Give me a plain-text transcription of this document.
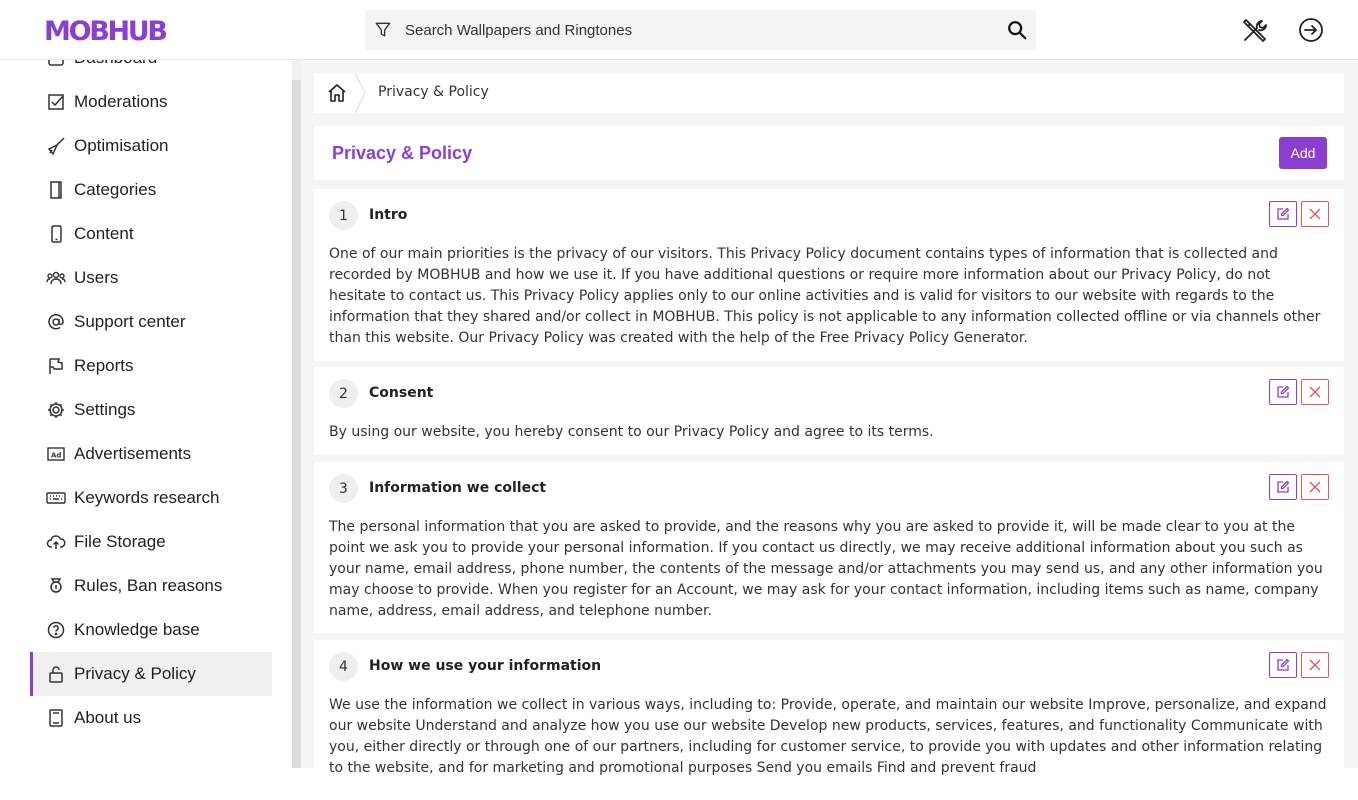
MOBHUB
Search Wallpapers and Ringtones
Moderations
Optimisation
Categories
Content
Users
Support center
Reports
Settings
Ad Advertisements
Keywords research
File Storage
Rules, Ban reasons
Knowledge base
Privacy & Policy
About us
Privacy & Policy
Privacy & Policy	Add
1	Intro
One of our main priorities is the privacy of our visitors. This Privacy Policy document contains types of information that is collected and recorded by MOBHUB and how we use it. If you have additional questions or require more information about our Privacy Policy, do not hesitate to contact us. This Privacy Policy applies only to our online activities and is valid for visitors to our website with regards to the information that they shared and/or collect in MOBHUB. This policy is not applicable to any information collected offline or via channels other than this website. Our Privacy Policy was created with the help of the Free Privacy Policy Generator.
2	Consent
By using our website, you hereby consent to our Privacy Policy and agree to its terms.
3	Information we collect
The personal information that you are asked to provide, and the reasons why you are asked to provide it, will be made clear to you at the point we ask you to provide your personal information. If you contact us directly, we may receive additional information about you such as your name, email address, phone number, the contents of the message and/or attachments you may send us, and any other information you may choose to provide. When you register for an Account, we may ask for your contact information, including items such as name, company name, address, email address, and telephone number.
4	How we use your information
We use the information we collect in various ways, including to: Provide, operate, and maintain our website Improve, personalize, and expand our website Understand and analyze how you use our website Develop new products, services, features, and functionality Communicate with you, either directly or through one of our partners, including for customer service, to provide you with updates and other information relating to the website, and for marketing and promotional purposes Send you emails Find and prevent fraud
